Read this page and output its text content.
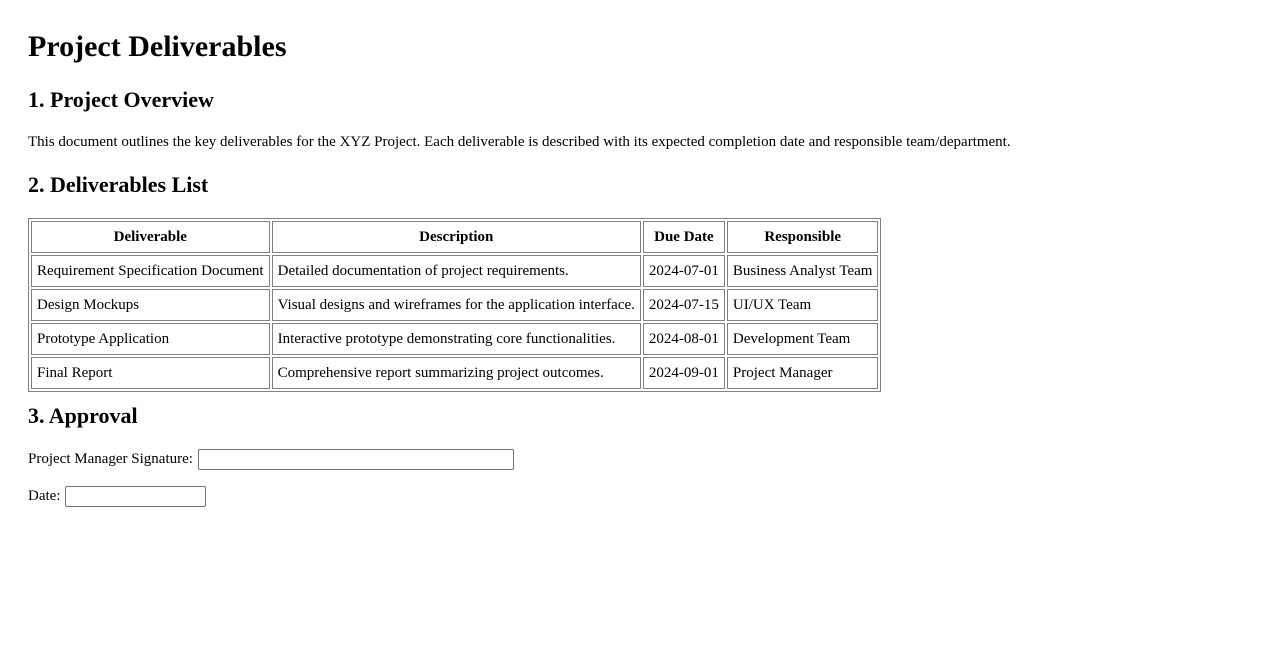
Project Deliverables
1. Project Overview

This document outlines the key deliverables for the XYZ Project. Each deliverable is described with its expected completion date and responsible team/department.

2. Deliverables List
Deliverable	Description	Due Date	Responsible
Requirement Specification Document	Detailed documentation of project requirements.	2024-07-01	Business Analyst Team
Design Mockups	Visual designs and wireframes for the application interface.	2024-07-15	UI/UX Team
Prototype Application	Interactive prototype demonstrating core functionalities.	2024-08-01	Development Team
Final Report	Comprehensive report summarizing project outcomes.	2024-09-01	Project Manager
3. Approval

Project Manager Signature:

Date:
